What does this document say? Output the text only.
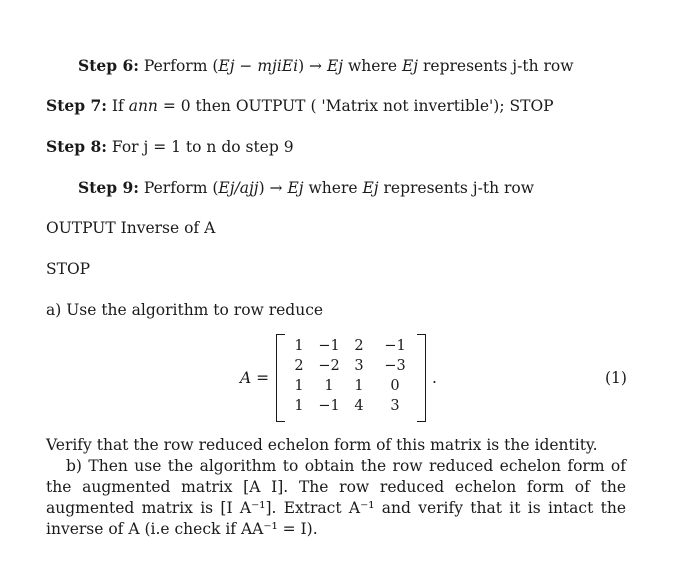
Step 6: Perform (Ej − mjiEi) → Ej where Ej represents j-th row
Step 7: If ann = 0 then OUTPUT ( 'Matrix not invertible'); STOP
Step 8: For j = 1 to n do step 9
Step 9: Perform (Ej/ajj) → Ej where Ej represents j-th row
OUTPUT Inverse of A
STOP
a) Use the algorithm to row reduce
A =
1	−1	2	−1
2	−2	3	−3
1	1	1	0
1	−1	4	3
.	(1)
Verify that the row reduced echelon form of this matrix is the identity.
b) Then use the algorithm to obtain the row reduced echelon form of the augmented matrix [A I]. The row reduced echelon form of the augmented matrix is [I A⁻¹]. Extract A⁻¹ and verify that it is intact the inverse of A (i.e check if AA⁻¹ = I).
